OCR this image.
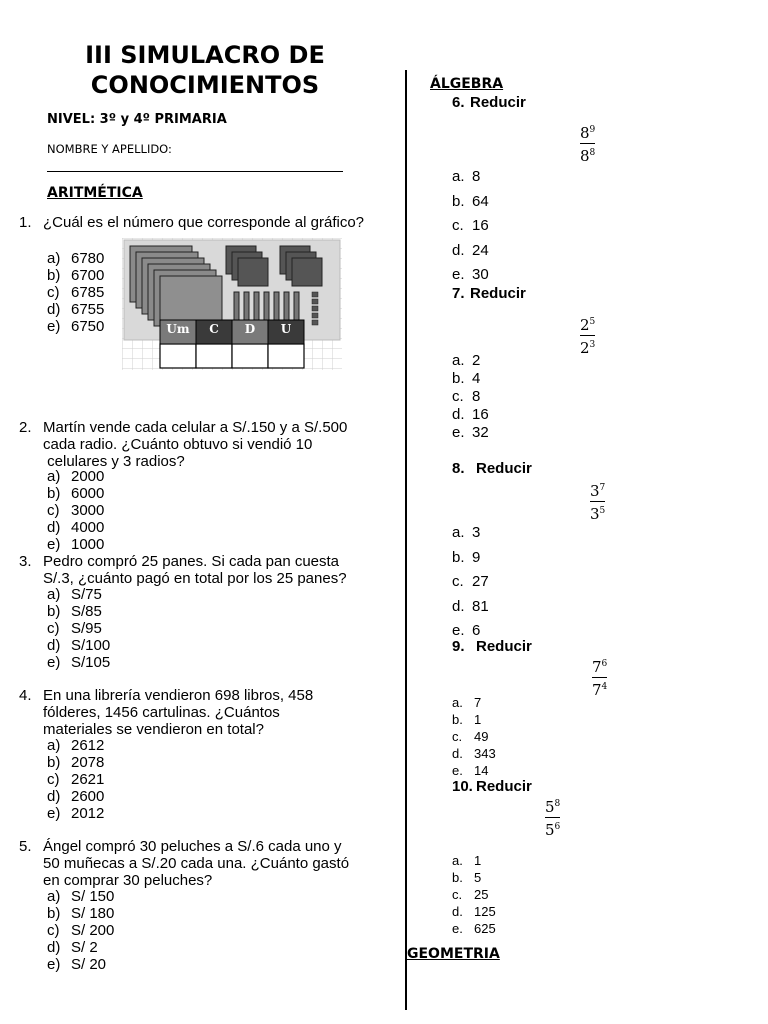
III SIMULACRO DE
CONOCIMIENTOS
NIVEL: 3º y 4º PRIMARIA
NOMBRE Y APELLIDO:
ARITMÉTICA
1. ¿Cuál es el número que corresponde al gráfico?
a) 6780
b) 6700
c) 6785
d) 6755
e) 6750
2. Martín vende cada celular a S/.150 y a S/.500
cada radio. ¿Cuánto obtuvo si vendió 10
celulares y 3 radios?
a) 2000
b) 6000
c) 3000
d) 4000
e) 1000
3. Pedro compró 25 panes. Si cada pan cuesta
S/.3, ¿cuánto pagó en total por los 25 panes?
a) S/75
b) S/85
c) S/95
d) S/100
e) S/105
4. En una librería vendieron 698 libros, 458
fólderes, 1456 cartulinas. ¿Cuántos
materiales se vendieron en total?
a) 2612
b) 2078
c) 2621
d) 2600
e) 2012
5. Ángel compró 30 peluches a S/.6 cada uno y
50 muñecas a S/.20 cada una. ¿Cuánto gastó
en comprar 30 peluches?
a) S/ 150
b) S/ 180
c) S/ 200
d) S/ 2
e) S/ 20
Um	C	D	U
ÁLGEBRA
6. Reducir
$8^9$
$8^8$
a. 8
b. 64
c. 16
d. 24
e. 30
7. Reducir
$2^5$
$2^3$
a. 2
b. 4
c. 8
d. 16
e. 32
8. Reducir
$3^7$
$3^5$
a. 3
b. 9
c. 27
d. 81
e. 6
9. Reducir
$7^6$
$7^4$
a. 7
b. 1
c. 49
d. 343
e. 14
10. Reducir
$5^8$
$5^6$
a. 1
b. 5
c. 25
d. 125
e. 625
GEOMETRIA
